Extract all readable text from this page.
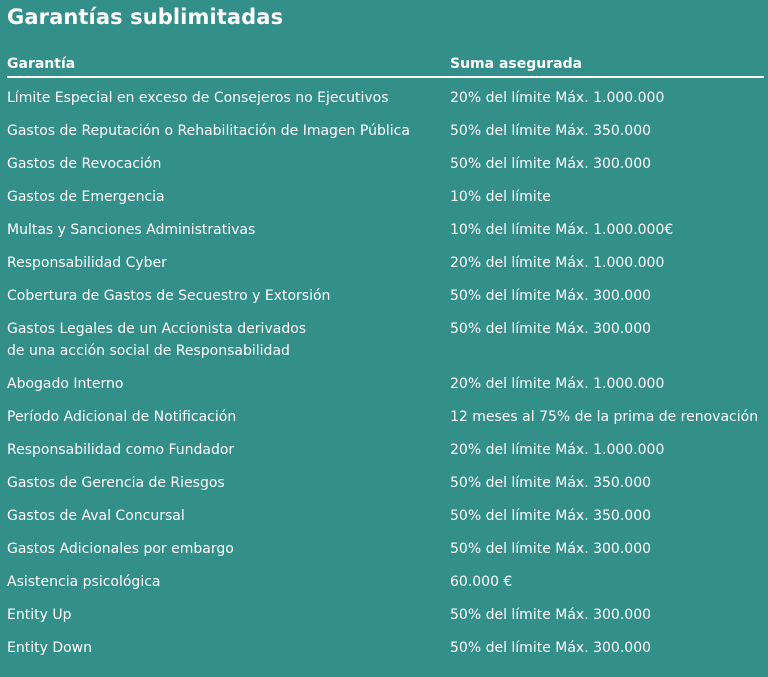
Garantías sublimitadas
Garantía	Suma asegurada
Límite Especial en exceso de Consejeros no Ejecutivos	20% del límite Máx. 1.000.000
Gastos de Reputación o Rehabilitación de Imagen Pública	50% del límite Máx. 350.000
Gastos de Revocación	50% del límite Máx. 300.000
Gastos de Emergencia	10% del límite
Multas y Sanciones Administrativas	10% del límite Máx. 1.000.000€
Responsabilidad Cyber	20% del límite Máx. 1.000.000
Cobertura de Gastos de Secuestro y Extorsión	50% del límite Máx. 300.000

Gastos Legales de un Accionista derivados
de una acción social de Responsabilidad	50% del límite Máx. 300.000
Abogado Interno	20% del límite Máx. 1.000.000
Período Adicional de Notificación	12 meses al 75% de la prima de renovación
Responsabilidad como Fundador	20% del límite Máx. 1.000.000
Gastos de Gerencia de Riesgos	50% del límite Máx. 350.000
Gastos de Aval Concursal	50% del límite Máx. 350.000
Gastos Adicionales por embargo	50% del límite Máx. 300.000
Asistencia psicológica	60.000 €
Entity Up	50% del límite Máx. 300.000
Entity Down	50% del límite Máx. 300.000
